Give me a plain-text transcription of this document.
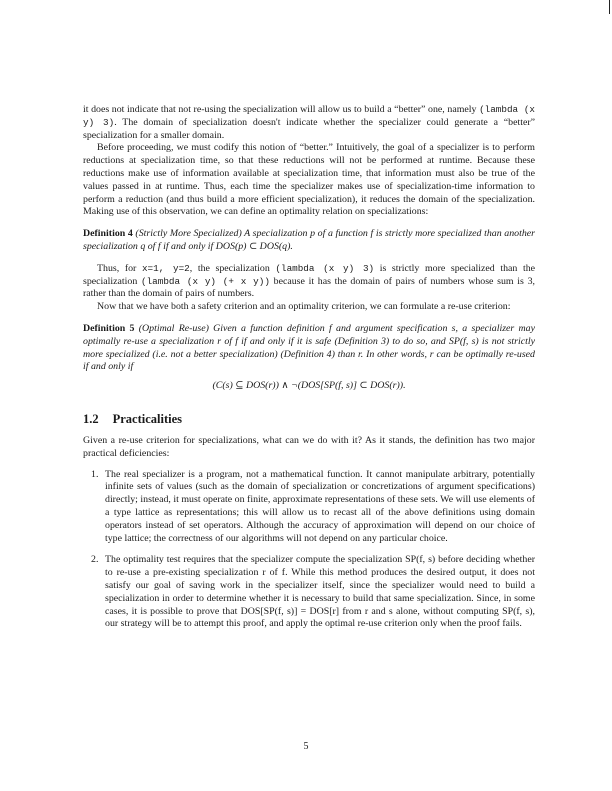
it does not indicate that not re-using the specialization will allow us to build a “better” one, namely (lambda (x y) 3). The domain of specialization doesn't indicate whether the specializer could generate a “better” specialization for a smaller domain.

Before proceeding, we must codify this notion of “better.” Intuitively, the goal of a specializer is to perform reductions at specialization time, so that these reductions will not be performed at runtime. Because these reductions make use of information available at specialization time, that information must also be true of the values passed in at runtime. Thus, each time the specializer makes use of specialization-time information to perform a reduction (and thus build a more efficient specialization), it reduces the domain of the specialization. Making use of this observation, we can define an optimality relation on specializations:

Definition 4 (Strictly More Specialized) A specialization p of a function f is strictly more specialized than another specialization q of f if and only if DOS(p) ⊂ DOS(q).

Thus, for x=1, y=2, the specialization (lambda (x y) 3) is strictly more specialized than the specialization (lambda (x y) (+ x y)) because it has the domain of pairs of numbers whose sum is 3, rather than the domain of pairs of numbers.

Now that we have both a safety criterion and an optimality criterion, we can formulate a re-use criterion:

Definition 5 (Optimal Re-use) Given a function definition f and argument specification s, a specializer may optimally re-use a specialization r of f if and only if it is safe (Definition 3) to do so, and SP(f, s) is not strictly more specialized (i.e. not a better specialization) (Definition 4) than r. In other words, r can be optimally re-used if and only if
(C(s) ⊆ DOS(r)) ∧ ¬(DOS[SP(f, s)] ⊂ DOS(r)).
1.2 Practicalities

Given a re-use criterion for specializations, what can we do with it? As it stands, the definition has two major practical deficiencies:

1. The real specializer is a program, not a mathematical function. It cannot manipulate arbitrary, potentially infinite sets of values (such as the domain of specialization or concretizations of argument specifications) directly; instead, it must operate on finite, approximate representations of these sets. We will use elements of a type lattice as representations; this will allow us to recast all of the above definitions using domain operators instead of set operators. Although the accuracy of approximation will depend on our choice of type lattice; the correctness of our algorithms will not depend on any particular choice.
2. The optimality test requires that the specializer compute the specialization SP(f, s) before deciding whether to re-use a pre-existing specialization r of f. While this method produces the desired output, it does not satisfy our goal of saving work in the specializer itself, since the specializer would need to build a specialization in order to determine whether it is necessary to build that same specialization. Since, in some cases, it is possible to prove that DOS[SP(f, s)] = DOS[r] from r and s alone, without computing SP(f, s), our strategy will be to attempt this proof, and apply the optimal re-use criterion only when the proof fails.
5
